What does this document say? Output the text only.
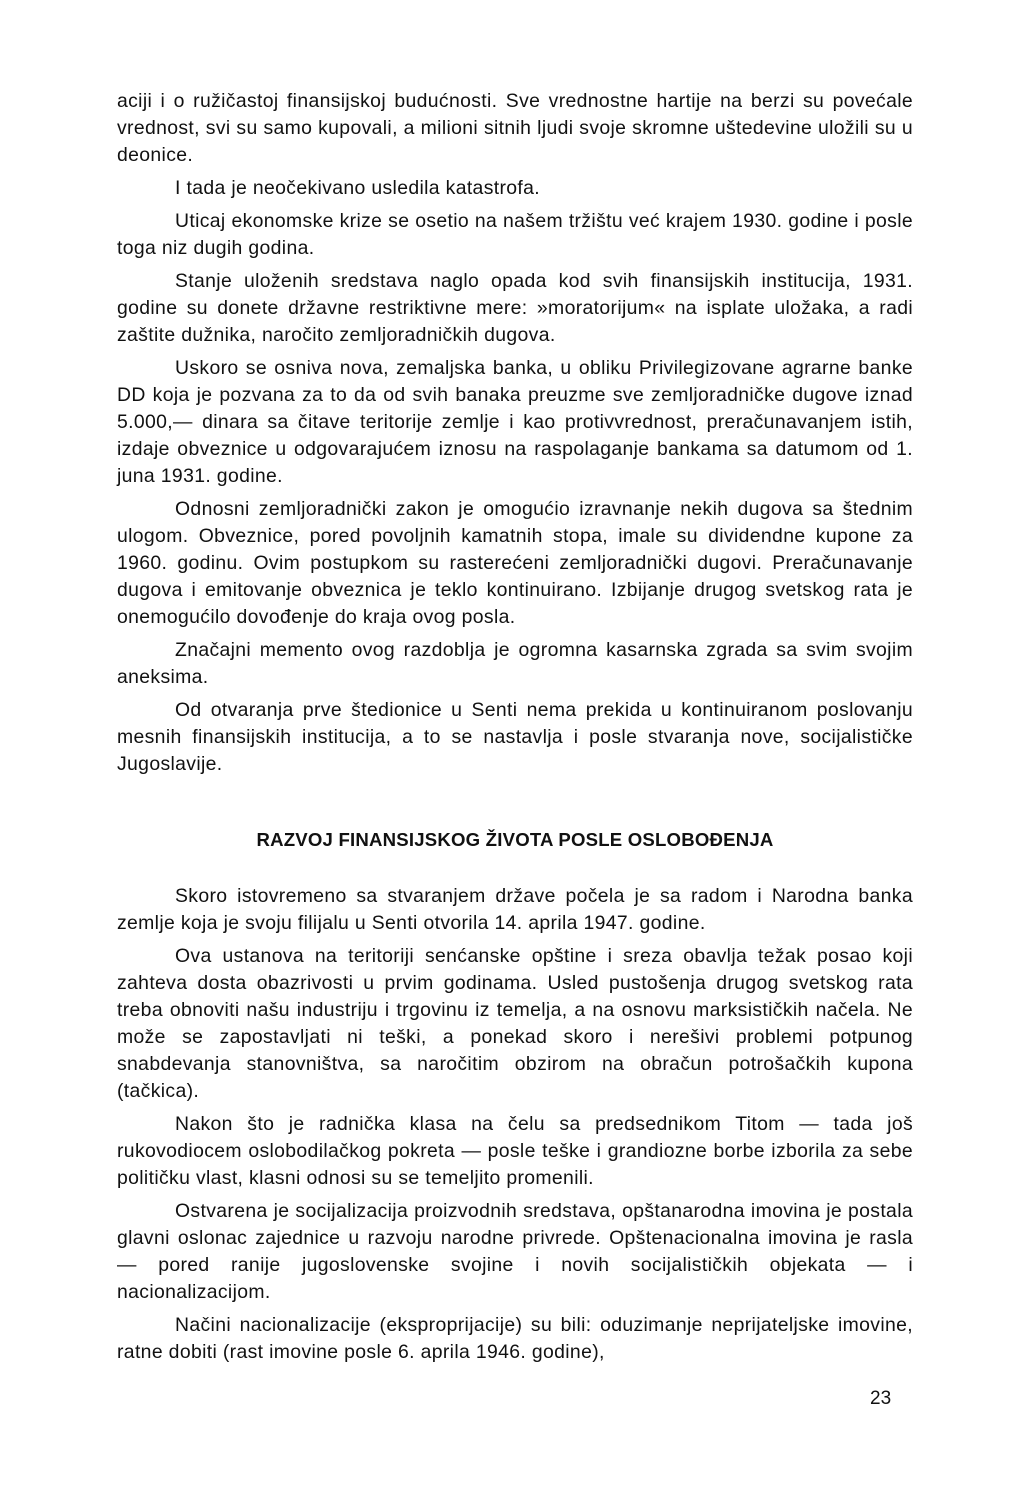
aciji i o ružičastoj finansijskoj budućnosti. Sve vrednostne hartije na berzi su povećale vrednost, svi su samo kupovali, a milioni sitnih ljudi svoje skromne uštedevine uložili su u deonice.

I tada je neočekivano usledila katastrofa.

Uticaj ekonomske krize se osetio na našem tržištu već krajem 1930. godine i posle toga niz dugih godina.

Stanje uloženih sredstava naglo opada kod svih finansijskih institucija, 1931. godine su donete državne restriktivne mere: »moratorijum« na isplate uložaka, a radi zaštite dužnika, naročito zemljoradničkih dugova.

Uskoro se osniva nova, zemaljska banka, u obliku Privilegizovane agrarne banke DD koja je pozvana za to da od svih banaka preuzme sve zemljoradničke dugove iznad 5.000,— dinara sa čitave teritorije zemlje i kao protivvrednost, preračunavanjem istih, izdaje obveznice u odgovarajućem iznosu na raspolaganje bankama sa datumom od 1. juna 1931. godine.

Odnosni zemljoradnički zakon je omogućio izravnanje nekih dugova sa štednim ulogom. Obveznice, pored povoljnih kamatnih stopa, imale su dividendne kupone za 1960. godinu. Ovim postupkom su rasterećeni zemljoradnički dugovi. Preračunavanje dugova i emitovanje obveznica je teklo kontinuirano. Izbijanje drugog svetskog rata je onemogućilo dovođenje do kraja ovog posla.

Značajni memento ovog razdoblja je ogromna kasarnska zgrada sa svim svojim aneksima.

Od otvaranja prve štedionice u Senti nema prekida u kontinuiranom poslovanju mesnih finansijskih institucija, a to se nastavlja i posle stvaranja nove, socijalističke Jugoslavije.

RAZVOJ FINANSIJSKOG ŽIVOTA POSLE OSLOBOĐENJA

Skoro istovremeno sa stvaranjem države počela je sa radom i Narodna banka zemlje koja je svoju filijalu u Senti otvorila 14. aprila 1947. godine.

Ova ustanova na teritoriji senćanske opštine i sreza obavlja težak posao koji zahteva dosta obazrivosti u prvim godinama. Usled pustošenja drugog svetskog rata treba obnoviti našu industriju i trgovinu iz temelja, a na osnovu marksističkih načela. Ne može se zapostavljati ni teški, a ponekad skoro i nerešivi problemi potpunog snabdevanja stanovništva, sa naročitim obzirom na obračun potrošačkih kupona (tačkica).

Nakon što je radnička klasa na čelu sa predsednikom Titom — tada još rukovodiocem oslobodilačkog pokreta — posle teške i grandiozne borbe izborila za sebe političku vlast, klasni odnosi su se temeljito promenili.

Ostvarena je socijalizacija proizvodnih sredstava, opštanarodna imovina je postala glavni oslonac zajednice u razvoju narodne privrede. Opštenacionalna imovina je rasla — pored ranije jugoslovenske svojine i novih socijalističkih objekata — i nacionalizacijom.

Načini nacionalizacije (eksproprijacije) su bili: oduzimanje neprijateljske imovine, ratne dobiti (rast imovine posle 6. aprila 1946. godine),

23
